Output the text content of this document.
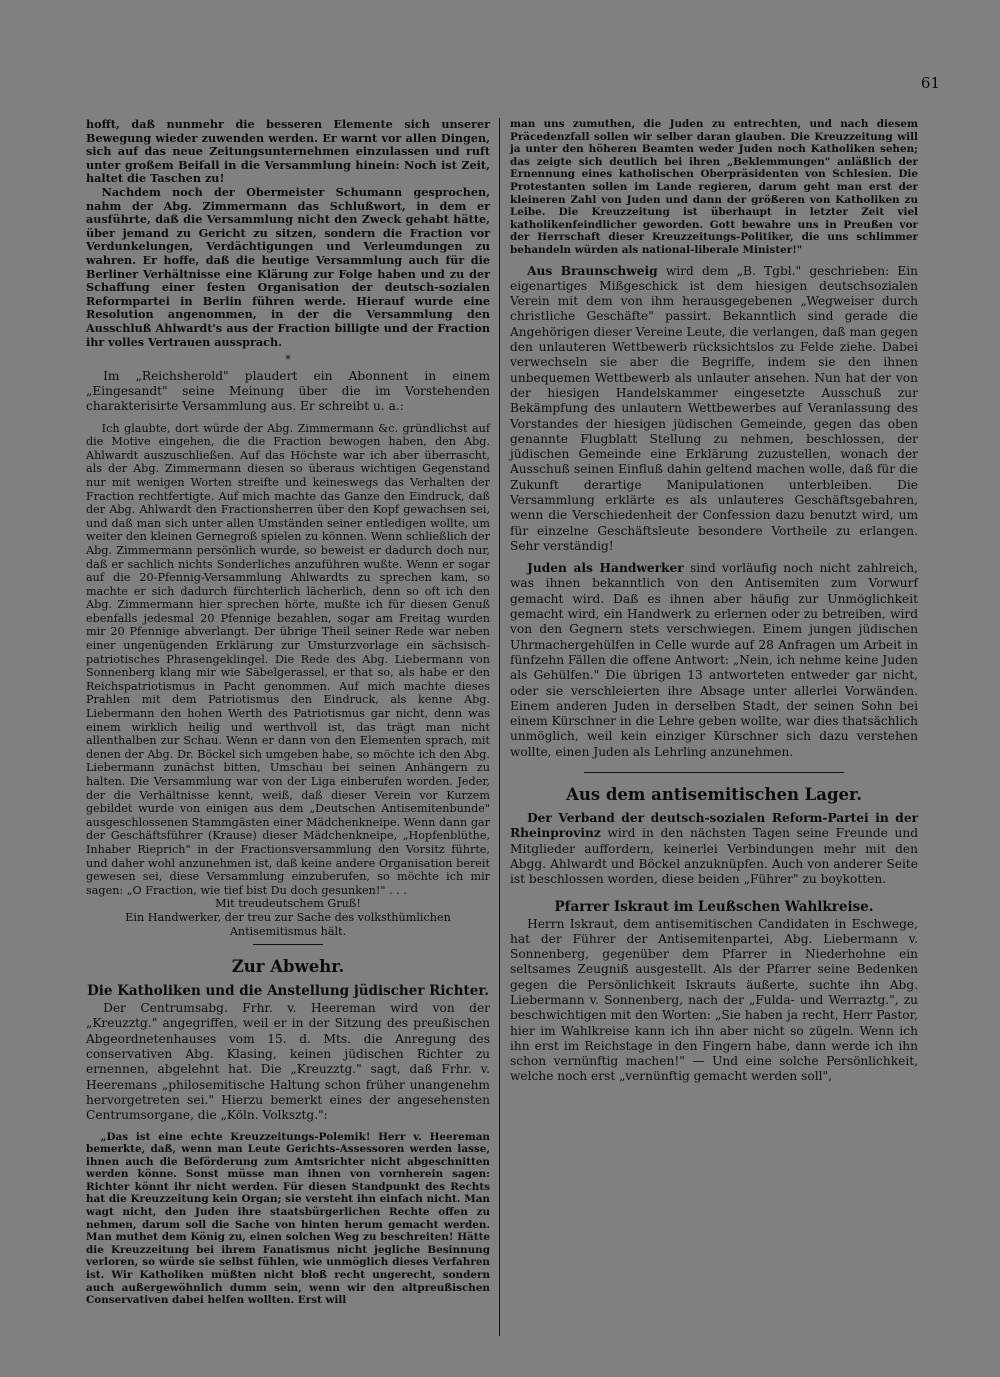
61

hofft, daß nunmehr die besseren Elemente sich unserer Bewegung wieder zuwenden werden. Er warnt vor allen Dingen, sich auf das neue Zeitungsunternehmen einzulassen und ruft unter großem Beifall in die Versammlung hinein: Noch ist Zeit, haltet die Taschen zu!

Nachdem noch der Obermeister Schumann gesprochen, nahm der Abg. Zimmermann das Schlußwort, in dem er ausführte, daß die Versammlung nicht den Zweck gehabt hätte, über jemand zu Gericht zu sitzen, sondern die Fraction vor Verdunkelungen, Verdächtigungen und Verleumdungen zu wahren. Er hoffe, daß die heutige Versammlung auch für die Berliner Verhältnisse eine Klärung zur Folge haben und zu der Schaffung einer festen Organisation der deutsch-sozialen Reformpartei in Berlin führen werde. Hierauf wurde eine Resolution angenommen, in der die Versammlung den Ausschluß Ahlwardt's aus der Fraction billigte und der Fraction ihr volles Vertrauen aussprach.

*

Im „Reichsherold" plaudert ein Abonnent in einem „Eingesandt" seine Meinung über die im Vorstehenden charakterisirte Versammlung aus. Er schreibt u. a.:

Ich glaubte, dort würde der Abg. Zimmermann &c. gründlichst auf die Motive eingehen, die die Fraction bewogen haben, den Abg. Ahlwardt auszuschließen. Auf das Höchste war ich aber überrascht, als der Abg. Zimmermann diesen so überaus wichtigen Gegenstand nur mit wenigen Worten streifte und keineswegs das Verhalten der Fraction rechtfertigte. Auf mich machte das Ganze den Eindruck, daß der Abg. Ahlwardt den Fractionsherren über den Kopf gewachsen sei, und daß man sich unter allen Umständen seiner entledigen wollte, um weiter den kleinen Gernegroß spielen zu können. Wenn schließlich der Abg. Zimmermann persönlich wurde, so beweist er dadurch doch nur, daß er sachlich nichts Sonderliches anzuführen wußte. Wenn er sogar auf die 20-Pfennig-Versammlung Ahlwardts zu sprechen kam, so machte er sich dadurch fürchterlich lächerlich, denn so oft ich den Abg. Zimmermann hier sprechen hörte, mußte ich für diesen Genuß ebenfalls jedesmal 20 Pfennige bezahlen, sogar am Freitag wurden mir 20 Pfennige abverlangt. Der übrige Theil seiner Rede war neben einer ungenügenden Erklärung zur Umsturzvorlage ein sächsisch-patriotisches Phrasengeklingel. Die Rede des Abg. Liebermann von Sonnenberg klang mir wie Säbelgerassel, er that so, als habe er den Reichspatriotismus in Pacht genommen. Auf mich machte dieses Prahlen mit dem Patriotismus den Eindruck, als kenne Abg. Liebermann den hohen Werth des Patriotismus gar nicht, denn was einem wirklich heilig und werthvoll ist, das trägt man nicht allenthalben zur Schau. Wenn er dann von den Elementen sprach, mit denen der Abg. Dr. Böckel sich umgeben habe, so möchte ich den Abg. Liebermann zunächst bitten, Umschau bei seinen Anhängern zu halten. Die Versammlung war von der Liga einberufen worden. Jeder, der die Verhältnisse kennt, weiß, daß dieser Verein vor Kurzem gebildet wurde von einigen aus dem „Deutschen Antisemitenbunde" ausgeschlossenen Stammgästen einer Mädchenkneipe. Wenn dann gar der Geschäftsführer (Krause) dieser Mädchenkneipe, „Hopfenblüthe, Inhaber Rieprich" in der Fractionsversammlung den Vorsitz führte, und daher wohl anzunehmen ist, daß keine andere Organisation bereit gewesen sei, diese Versammlung einzuberufen, so möchte ich mir sagen: „O Fraction, wie tief bist Du doch gesunken!" . . .

Mit treudeutschem Gruß!

Ein Handwerker, der treu zur Sache des volksthümlichen Antisemitismus hält.

Zur Abwehr.
Die Katholiken und die Anstellung jüdischer Richter.

Der Centrumsabg. Frhr. v. Heereman wird von der „Kreuzztg." angegriffen, weil er in der Sitzung des preußischen Abgeordnetenhauses vom 15. d. Mts. die Anregung des conservativen Abg. Klasing, keinen jüdischen Richter zu ernennen, abgelehnt hat. Die „Kreuzztg." sagt, daß Frhr. v. Heeremans „philosemitische Haltung schon früher unangenehm hervorgetreten sei." Hierzu bemerkt eines der angesehensten Centrumsorgane, die „Köln. Volksztg.":

„Das ist eine echte Kreuzzeitungs-Polemik! Herr v. Heereman bemerkte, daß, wenn man Leute Gerichts-Assessoren werden lasse, ihnen auch die Beförderung zum Amtsrichter nicht abgeschnitten werden könne. Sonst müsse man ihnen von vornherein sagen: Richter könnt ihr nicht werden. Für diesen Standpunkt des Rechts hat die Kreuzzeitung kein Organ; sie versteht ihn einfach nicht. Man wagt nicht, den Juden ihre staatsbürgerlichen Rechte offen zu nehmen, darum soll die Sache von hinten herum gemacht werden. Man muthet dem König zu, einen solchen Weg zu beschreiten! Hätte die Kreuzzeitung bei ihrem Fanatismus nicht jegliche Besinnung verloren, so würde sie selbst fühlen, wie unmöglich dieses Verfahren ist. Wir Katholiken müßten nicht bloß recht ungerecht, sondern auch außergewöhnlich dumm sein, wenn wir den altpreußischen Conservativen dabei helfen wollten. Erst will

man uns zumuthen, die Juden zu entrechten, und nach diesem Präcedenzfall sollen wir selber daran glauben. Die Kreuzzeitung will ja unter den höheren Beamten weder Juden noch Katholiken sehen; das zeigte sich deutlich bei ihren „Beklemmungen" anläßlich der Ernennung eines katholischen Oberpräsidenten von Schlesien. Die Protestanten sollen im Lande regieren, darum geht man erst der kleineren Zahl von Juden und dann der größeren von Katholiken zu Leibe. Die Kreuzzeitung ist überhaupt in letzter Zeit viel katholikenfeindlicher geworden. Gott bewahre uns in Preußen vor der Herrschaft dieser Kreuzzeitungs-Politiker, die uns schlimmer behandeln würden als national-liberale Minister!"

Aus Braunschweig wird dem „B. Tgbl." geschrieben: Ein eigenartiges Mißgeschick ist dem hiesigen deutschsozialen Verein mit dem von ihm herausgegebenen „Wegweiser durch christliche Geschäfte" passirt. Bekanntlich sind gerade die Angehörigen dieser Vereine Leute, die verlangen, daß man gegen den unlauteren Wettbewerb rücksichtslos zu Felde ziehe. Dabei verwechseln sie aber die Begriffe, indem sie den ihnen unbequemen Wettbewerb als unlauter ansehen. Nun hat der von der hiesigen Handelskammer eingesetzte Ausschuß zur Bekämpfung des unlautern Wettbewerbes auf Veranlassung des Vorstandes der hiesigen jüdischen Gemeinde, gegen das oben genannte Flugblatt Stellung zu nehmen, beschlossen, der jüdischen Gemeinde eine Erklärung zuzustellen, wonach der Ausschuß seinen Einfluß dahin geltend machen wolle, daß für die Zukunft derartige Manipulationen unterbleiben. Die Versammlung erklärte es als unlauteres Geschäftsgebahren, wenn die Verschiedenheit der Confession dazu benutzt wird, um für einzelne Geschäftsleute besondere Vortheile zu erlangen. Sehr verständig!

Juden als Handwerker sind vorläufig noch nicht zahlreich, was ihnen bekanntlich von den Antisemiten zum Vorwurf gemacht wird. Daß es ihnen aber häufig zur Unmöglichkeit gemacht wird, ein Handwerk zu erlernen oder zu betreiben, wird von den Gegnern stets verschwiegen. Einem jungen jüdischen Uhrmachergehülfen in Celle wurde auf 28 Anfragen um Arbeit in fünfzehn Fällen die offene Antwort: „Nein, ich nehme keine Juden als Gehülfen." Die übrigen 13 antworteten entweder gar nicht, oder sie verschleierten ihre Absage unter allerlei Vorwänden. Einem anderen Juden in derselben Stadt, der seinen Sohn bei einem Kürschner in die Lehre geben wollte, war dies thatsächlich unmöglich, weil kein einziger Kürschner sich dazu verstehen wollte, einen Juden als Lehrling anzunehmen.

Aus dem antisemitischen Lager.

Der Verband der deutsch-sozialen Reform-Partei in der Rheinprovinz wird in den nächsten Tagen seine Freunde und Mitglieder auffordern, keinerlei Verbindungen mehr mit den Abgg. Ahlwardt und Böckel anzuknüpfen. Auch von anderer Seite ist beschlossen worden, diese beiden „Führer" zu boykotten.

Pfarrer Iskraut im Leußschen Wahlkreise.

Herrn Iskraut, dem antisemitischen Candidaten in Eschwege, hat der Führer der Antisemitenpartei, Abg. Liebermann v. Sonnenberg, gegenüber dem Pfarrer in Niederhohne ein seltsames Zeugniß ausgestellt. Als der Pfarrer seine Bedenken gegen die Persönlichkeit Iskrauts äußerte, suchte ihn Abg. Liebermann v. Sonnenberg, nach der „Fulda- und Werraztg.", zu beschwichtigen mit den Worten: „Sie haben ja recht, Herr Pastor, hier im Wahlkreise kann ich ihn aber nicht so zügeln. Wenn ich ihn erst im Reichstage in den Fingern habe, dann werde ich ihn schon vernünftig machen!" — Und eine solche Persönlichkeit, welche noch erst „vernünftig gemacht werden soll",
